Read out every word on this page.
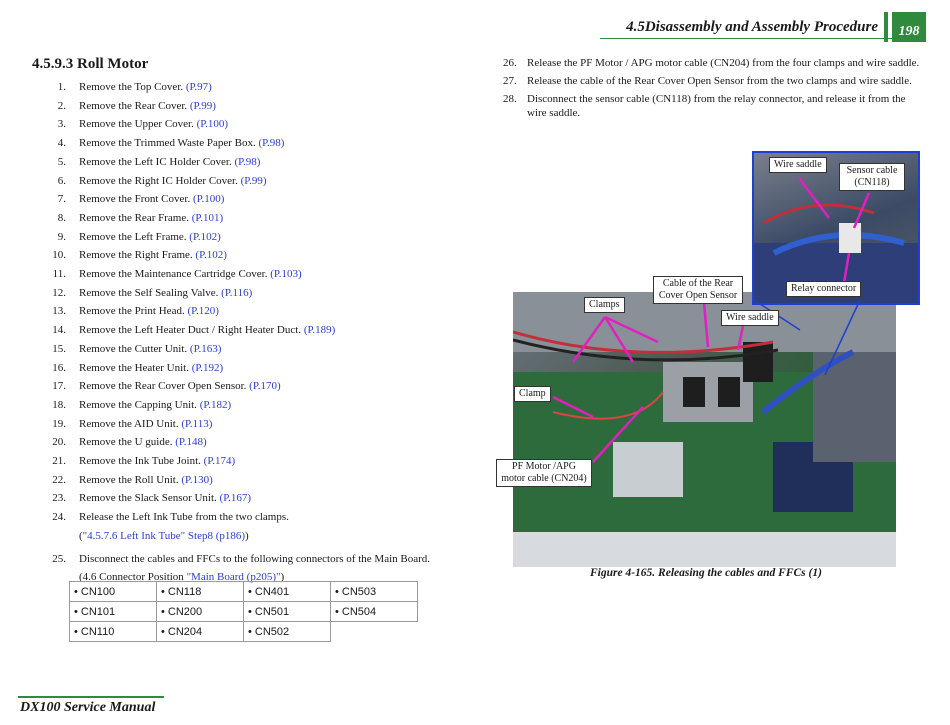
4.5Disassembly and Assembly Procedure	198
4.5.9.3 Roll Motor
1.	Remove the Top Cover. (P.97)
2.	Remove the Rear Cover. (P.99)
3.	Remove the Upper Cover. (P.100)
4.	Remove the Trimmed Waste Paper Box. (P.98)
5.	Remove the Left IC Holder Cover. (P.98)
6.	Remove the Right IC Holder Cover. (P.99)
7.	Remove the Front Cover. (P.100)
8.	Remove the Rear Frame. (P.101)
9.	Remove the Left Frame. (P.102)
10.	Remove the Right Frame. (P.102)
11.	Remove the Maintenance Cartridge Cover. (P.103)
12.	Remove the Self Sealing Valve. (P.116)
13.	Remove the Print Head. (P.120)
14.	Remove the Left Heater Duct / Right Heater Duct. (P.189)
15.	Remove the Cutter Unit. (P.163)
16.	Remove the Heater Unit. (P.192)
17.	Remove the Rear Cover Open Sensor. (P.170)
18.	Remove the Capping Unit. (P.182)
19.	Remove the AID Unit. (P.113)
20.	Remove the U guide. (P.148)
21.	Remove the Ink Tube Joint. (P.174)
22.	Remove the Roll Unit. (P.130)
23.	Remove the Slack Sensor Unit. (P.167)
24.	Release the Left Ink Tube from the two clamps.
("4.5.7.6 Left Ink Tube" Step8 (p186))
25.	Disconnect the cables and FFCs to the following connectors of the Main Board.
(4.6 Connector Position "Main Board (p205)")
• CN100	• CN118	• CN401	• CN503
• CN101	• CN200	• CN501	• CN504
• CN110	• CN204	• CN502	
26. Release the PF Motor / APG motor cable (CN204) from the four clamps and wire saddle.
27. Release the cable of the Rear Cover Open Sensor from the two clamps and wire saddle.
28. Disconnect the sensor cable (CN118) from the relay connector, and release it from the wire saddle.
Wire saddle
Sensor cable (CN118)
Relay connector
Cable of the Rear Cover Open Sensor
Clamps
Wire saddle
Clamp
PF Motor /APG motor cable (CN204)
Figure 4-165. Releasing the cables and FFCs (1)
DX100 Service Manual
